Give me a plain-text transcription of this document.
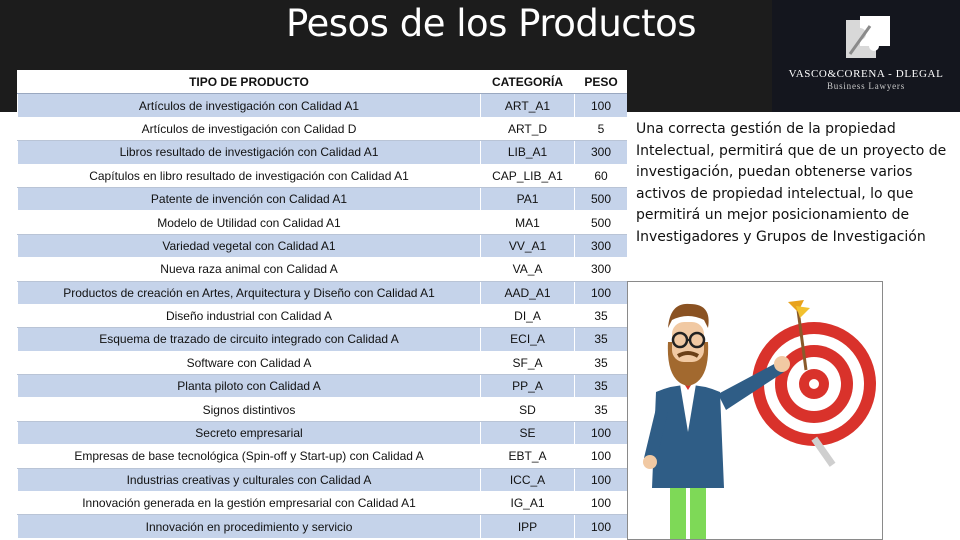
Pesos de los Productos
VASCO&CORENA - DLEGAL
Business Lawyers
TIPO DE PRODUCTO	CATEGORÍA	PESO
Artículos de investigación con Calidad A1	ART_A1	100
Artículos de investigación con Calidad D	ART_D	5
Libros resultado de investigación con Calidad A1	LIB_A1	300
Capítulos en libro resultado de investigación con Calidad A1	CAP_LIB_A1	60
Patente de invención con Calidad A1	PA1	500
Modelo de Utilidad con Calidad A1	MA1	500
Variedad vegetal con Calidad A1	VV_A1	300
Nueva raza animal con Calidad A	VA_A	300
Productos de creación en Artes, Arquitectura y Diseño con Calidad A1	AAD_A1	100
Diseño industrial con Calidad A	DI_A	35
Esquema de trazado de circuito integrado con Calidad A	ECI_A	35
Software con Calidad A	SF_A	35
Planta piloto con Calidad A	PP_A	35
Signos distintivos	SD	35
Secreto empresarial	SE	100
Empresas de base tecnológica (Spin-off y Start-up) con Calidad A	EBT_A	100
Industrias creativas y culturales con Calidad A	ICC_A	100
Innovación generada en la gestión empresarial con Calidad A1	IG_A1	100
Innovación en procedimiento y servicio	IPP	100
Una correcta gestión de la propiedad Intelectual, permitirá que de un proyecto de investigación, puedan obtenerse varios activos de propiedad intelectual, lo que permitirá un mejor posicionamiento de Investigadores y Grupos de Investigación
